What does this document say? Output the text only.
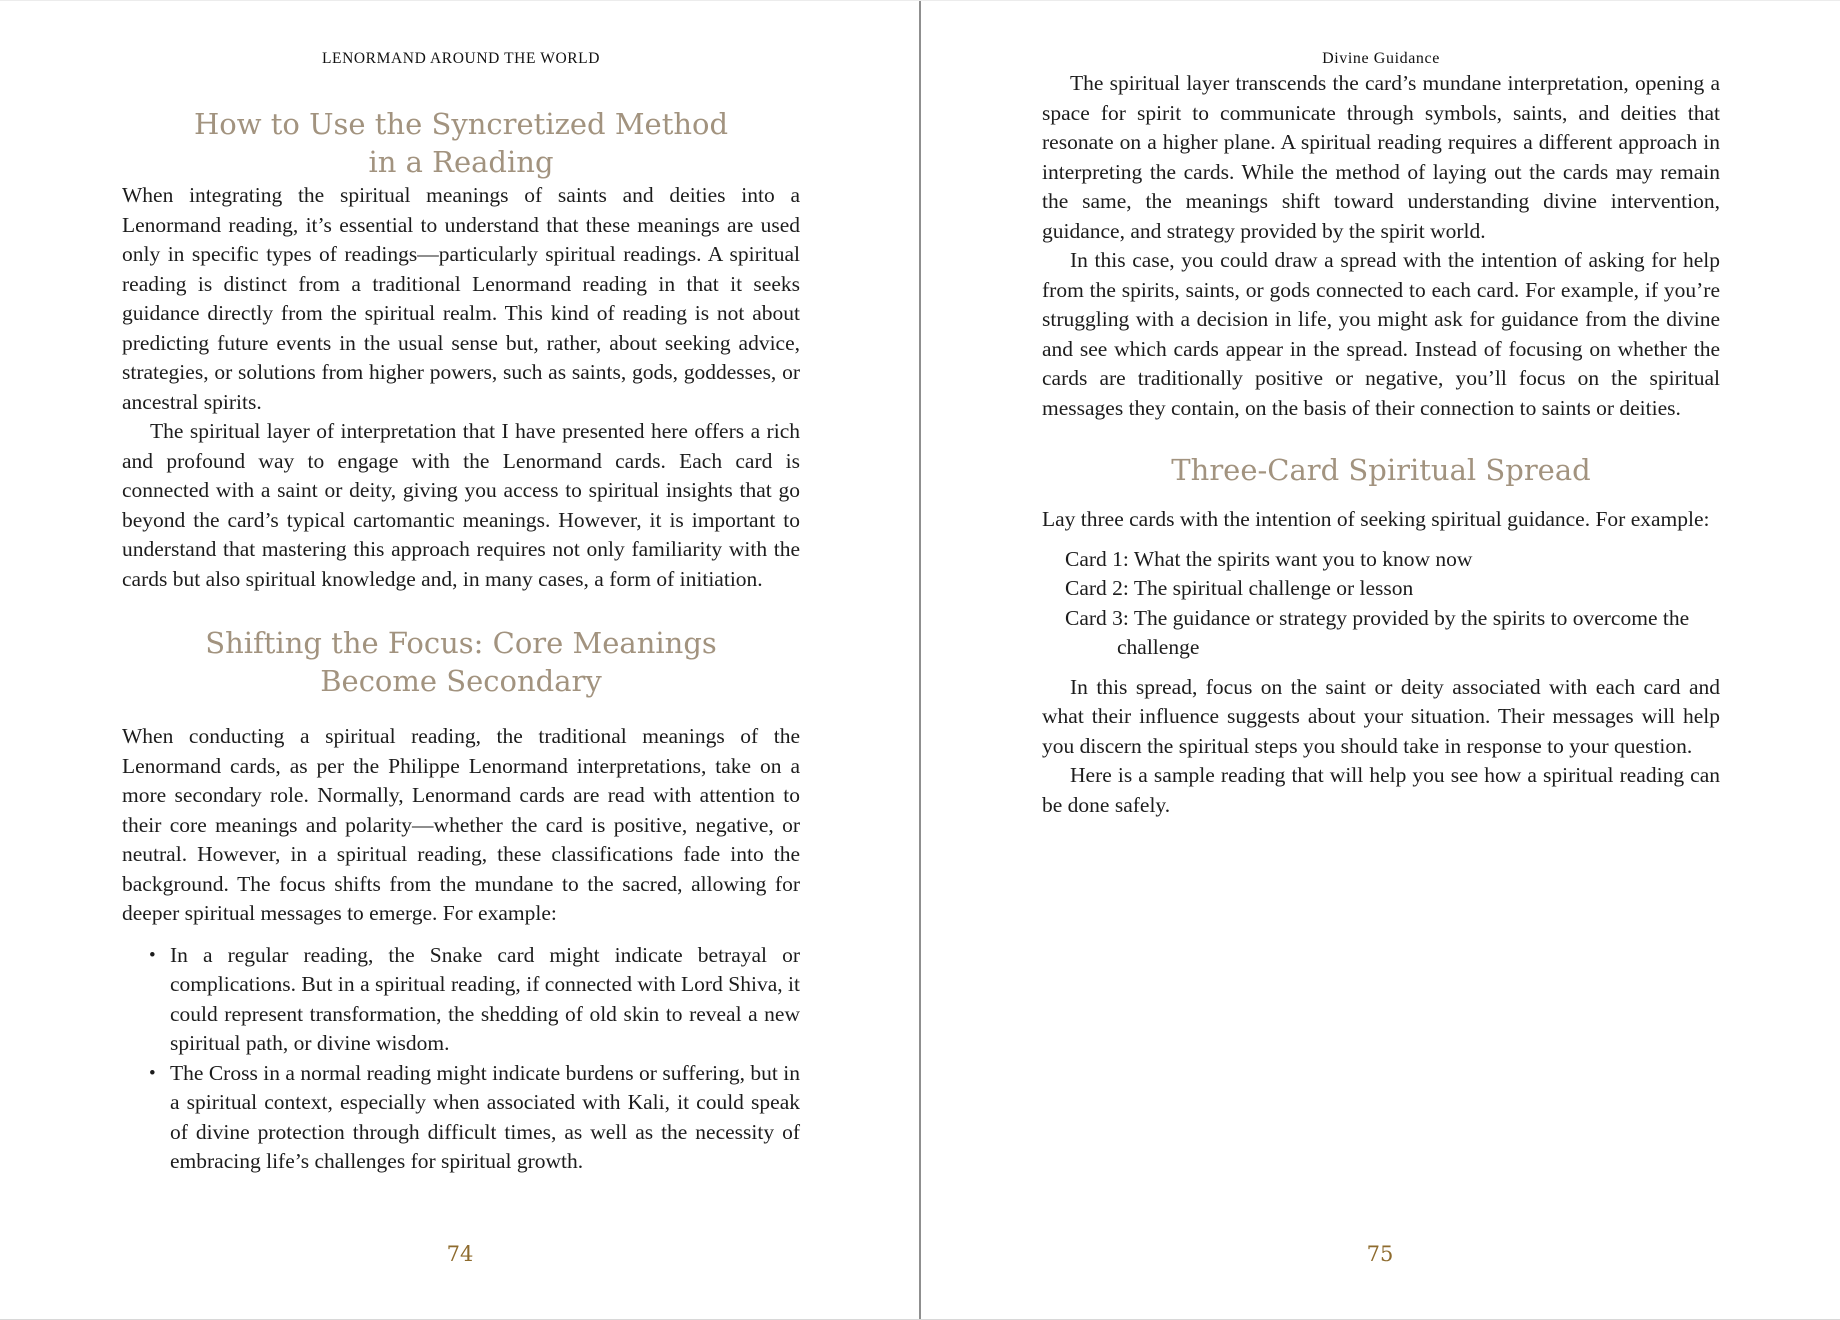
LENORMAND AROUND THE WORLD
How to Use the Syncretized Method
in a Reading

When integrating the spiritual meanings of saints and deities into a Lenormand reading, it’s essential to understand that these meanings are used only in specific types of readings—particularly spiritual readings. A spiritual reading is distinct from a traditional Lenormand reading in that it seeks guidance directly from the spiritual realm. This kind of reading is not about predicting future events in the usual sense but, rather, about seeking advice, strategies, or solutions from higher powers, such as saints, gods, goddesses, or ancestral spirits.

The spiritual layer of interpretation that I have presented here offers a rich and profound way to engage with the Lenormand cards. Each card is connected with a saint or deity, giving you access to spiritual insights that go beyond the card’s typical cartomantic meanings. However, it is important to understand that mastering this approach requires not only familiarity with the cards but also spiritual knowledge and, in many cases, a form of initiation.

Shifting the Focus: Core Meanings
Become Secondary

When conducting a spiritual reading, the traditional meanings of the Lenormand cards, as per the Philippe Lenormand interpretations, take on a more secondary role. Normally, Lenormand cards are read with attention to their core meanings and polarity—whether the card is positive, negative, or neutral. However, in a spiritual reading, these classifications fade into the background. The focus shifts from the mundane to the sacred, allowing for deeper spiritual messages to emerge. For example:

• In a regular reading, the Snake card might indicate betrayal or complications. But in a spiritual reading, if connected with Lord Shiva, it could represent transformation, the shedding of old skin to reveal a new spiritual path, or divine wisdom.
• The Cross in a normal reading might indicate burdens or suffering, but in a spiritual context, especially when associated with Kali, it could speak of divine protection through difficult times, as well as the necessity of embracing life’s challenges for spiritual growth.
74
Divine Guidance

The spiritual layer transcends the card’s mundane interpretation, opening a space for spirit to communicate through symbols, saints, and deities that resonate on a higher plane. A spiritual reading requires a different approach in interpreting the cards. While the method of laying out the cards may remain the same, the meanings shift toward understanding divine intervention, guidance, and strategy provided by the spirit world.

In this case, you could draw a spread with the intention of asking for help from the spirits, saints, or gods connected to each card. For example, if you’re struggling with a decision in life, you might ask for guidance from the divine and see which cards appear in the spread. Instead of focusing on whether the cards are traditionally positive or negative, you’ll focus on the spiritual messages they contain, on the basis of their connection to saints or deities.

Three-Card Spiritual Spread

Lay three cards with the intention of seeking spiritual guidance. For example:

Card 1: What the spirits want you to know now
Card 2: The spiritual challenge or lesson
Card 3: The guidance or strategy provided by the spirits to overcome the challenge

In this spread, focus on the saint or deity associated with each card and what their influence suggests about your situation. Their messages will help you discern the spiritual steps you should take in response to your question.

Here is a sample reading that will help you see how a spiritual reading can be done safely.

75
